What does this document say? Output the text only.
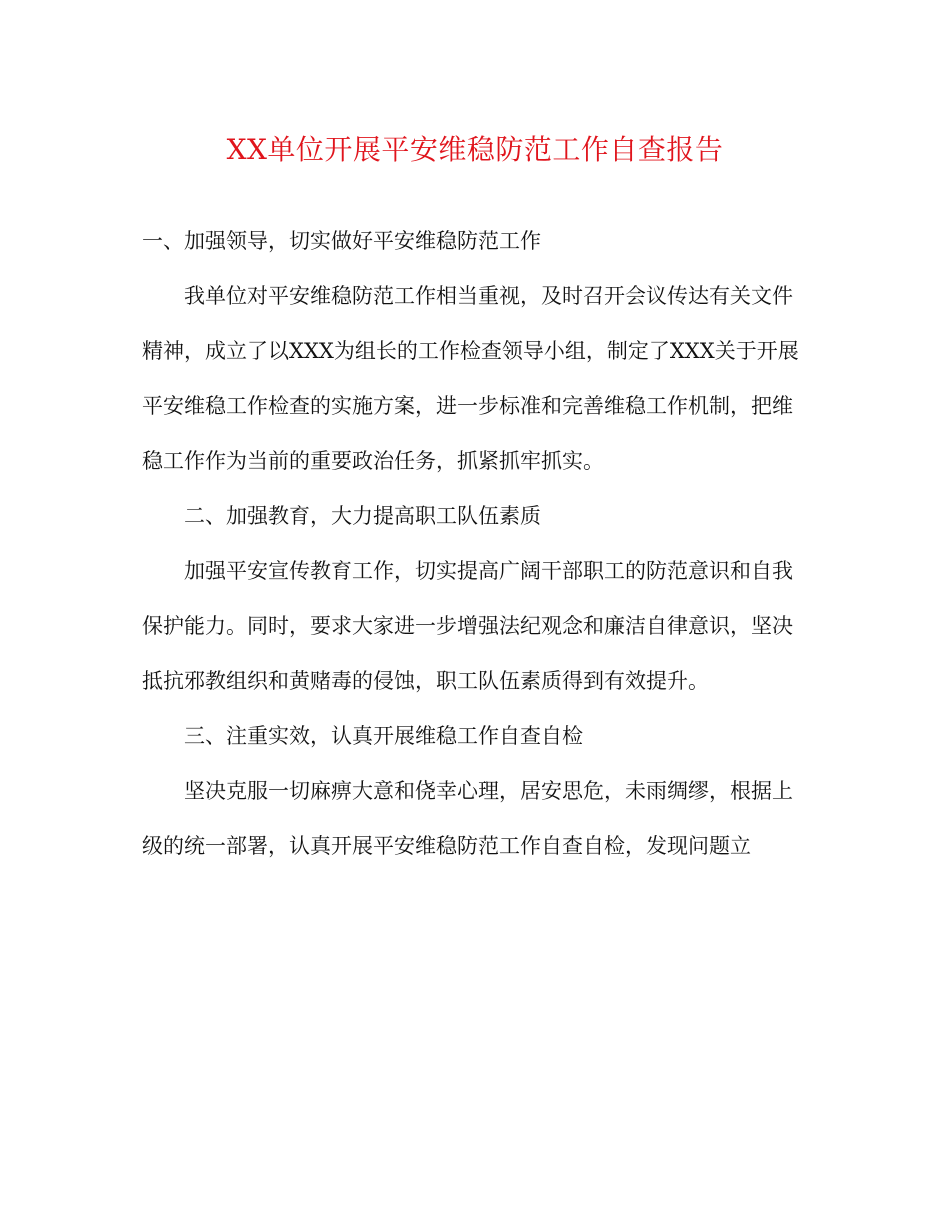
XX单位开展平安维稳防范工作自查报告

一、加强领导，切实做好平安维稳防范工作

我单位对平安维稳防范工作相当重视，及时召开会议传达有关文件精神，成立了以XXX为组长的工作检查领导小组，制定了XXX关于开展平安维稳工作检查的实施方案，进一步标准和完善维稳工作机制，把维稳工作作为当前的重要政治任务，抓紧抓牢抓实。

二、加强教育，大力提高职工队伍素质

加强平安宣传教育工作，切实提高广阔干部职工的防范意识和自我保护能力。同时，要求大家进一步增强法纪观念和廉洁自律意识，坚决抵抗邪教组织和黄赌毒的侵蚀，职工队伍素质得到有效提升。

三、注重实效，认真开展维稳工作自查自检

坚决克服一切麻痹大意和侥幸心理，居安思危，未雨绸缪，根据上级的统一部署，认真开展平安维稳防范工作自查自检，发现问题立
